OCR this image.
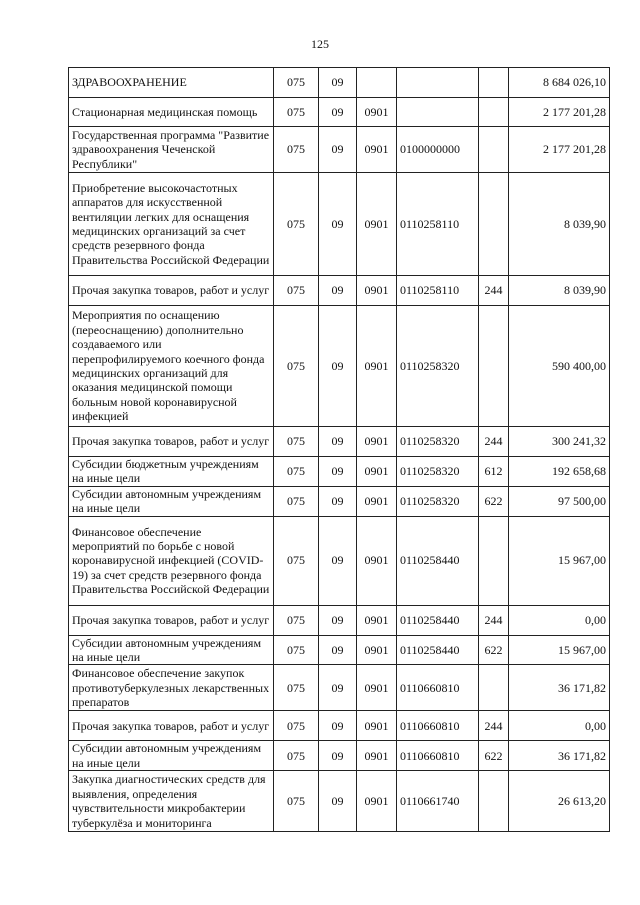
125
ЗДРАВООХРАНЕНИЕ	075	09				8 684 026,10
Стационарная медицинская помощь	075	09	0901			2 177 201,28
Государственная программа "Развитие здравоохранения Чеченской Республики"	075	09	0901	0100000000		2 177 201,28
Приобретение высокочастотных аппаратов для искусственной вентиляции легких для оснащения медицинских организаций за счет средств резервного фонда Правительства Российской Федерации	075	09	0901	0110258110		8 039,90
Прочая закупка товаров, работ и услуг	075	09	0901	0110258110	244	8 039,90
Мероприятия по оснащению (переоснащению) дополнительно создаваемого или перепрофилируемого коечного фонда медицинских организаций для оказания медицинской помощи больным новой коронавирусной инфекцией	075	09	0901	0110258320		590 400,00
Прочая закупка товаров, работ и услуг	075	09	0901	0110258320	244	300 241,32
Субсидии бюджетным учреждениям на иные цели	075	09	0901	0110258320	612	192 658,68
Субсидии автономным учреждениям на иные цели	075	09	0901	0110258320	622	97 500,00
Финансовое обеспечение мероприятий по борьбе с новой коронавирусной инфекцией (COVID-19) за счет средств резервного фонда Правительства Российской Федерации	075	09	0901	0110258440		15 967,00
Прочая закупка товаров, работ и услуг	075	09	0901	0110258440	244	0,00
Субсидии автономным учреждениям на иные цели	075	09	0901	0110258440	622	15 967,00
Финансовое обеспечение закупок противотуберкулезных лекарственных препаратов	075	09	0901	0110660810		36 171,82
Прочая закупка товаров, работ и услуг	075	09	0901	0110660810	244	0,00
Субсидии автономным учреждениям на иные цели	075	09	0901	0110660810	622	36 171,82
Закупка диагностических средств для выявления, определения чувствительности микробактерии туберкулёза и мониторинга	075	09	0901	0110661740		26 613,20
